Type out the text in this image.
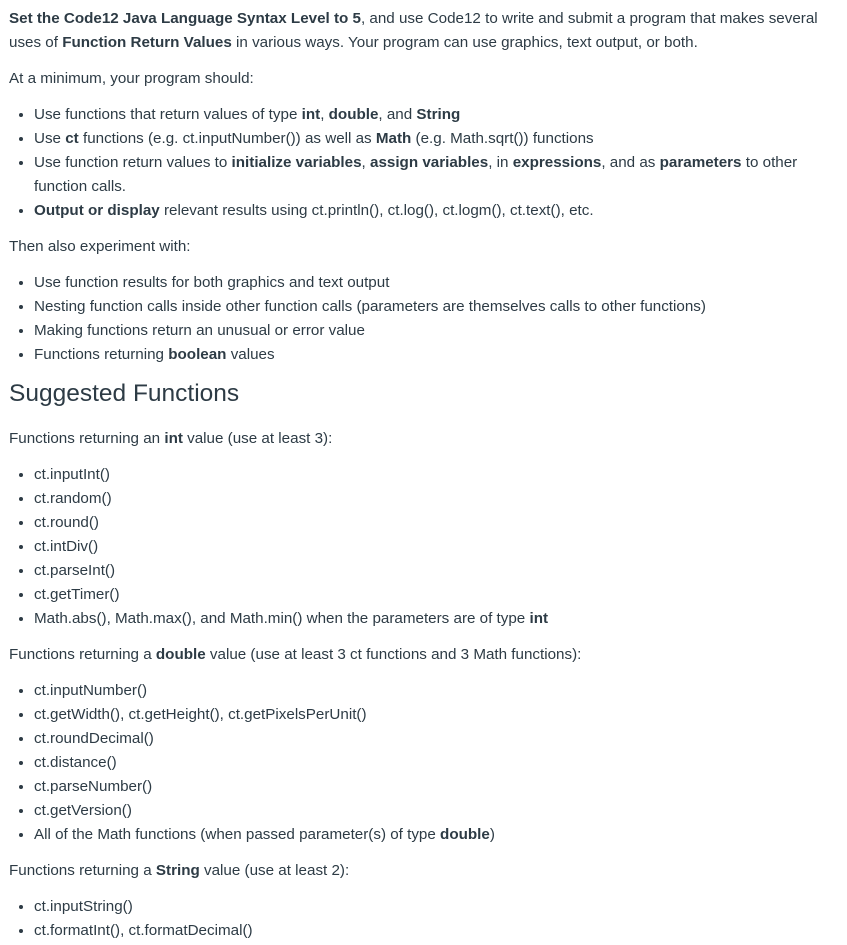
Set the Code12 Java Language Syntax Level to 5, and use Code12 to write and submit a program that makes several
uses of Function Return Values in various ways. Your program can use graphics, text output, or both.

At a minimum, your program should:

• Use functions that return values of type int, double, and String
• Use ct functions (e.g. ct.inputNumber()) as well as Math (e.g. Math.sqrt()) functions
• Use function return values to initialize variables, assign variables, in expressions, and as parameters to other function calls.
• Output or display relevant results using ct.println(), ct.log(), ct.logm(), ct.text(), etc.

Then also experiment with:

• Use function results for both graphics and text output
• Nesting function calls inside other function calls (parameters are themselves calls to other functions)
• Making functions return an unusual or error value
• Functions returning boolean values
Suggested Functions

Functions returning an int value (use at least 3):

• ct.inputInt()
• ct.random()
• ct.round()
• ct.intDiv()
• ct.parseInt()
• ct.getTimer()
• Math.abs(), Math.max(), and Math.min() when the parameters are of type int

Functions returning a double value (use at least 3 ct functions and 3 Math functions):

• ct.inputNumber()
• ct.getWidth(), ct.getHeight(), ct.getPixelsPerUnit()
• ct.roundDecimal()
• ct.distance()
• ct.parseNumber()
• ct.getVersion()
• All of the Math functions (when passed parameter(s) of type double)

Functions returning a String value (use at least 2):

• ct.inputString()
• ct.formatInt(), ct.formatDecimal()
